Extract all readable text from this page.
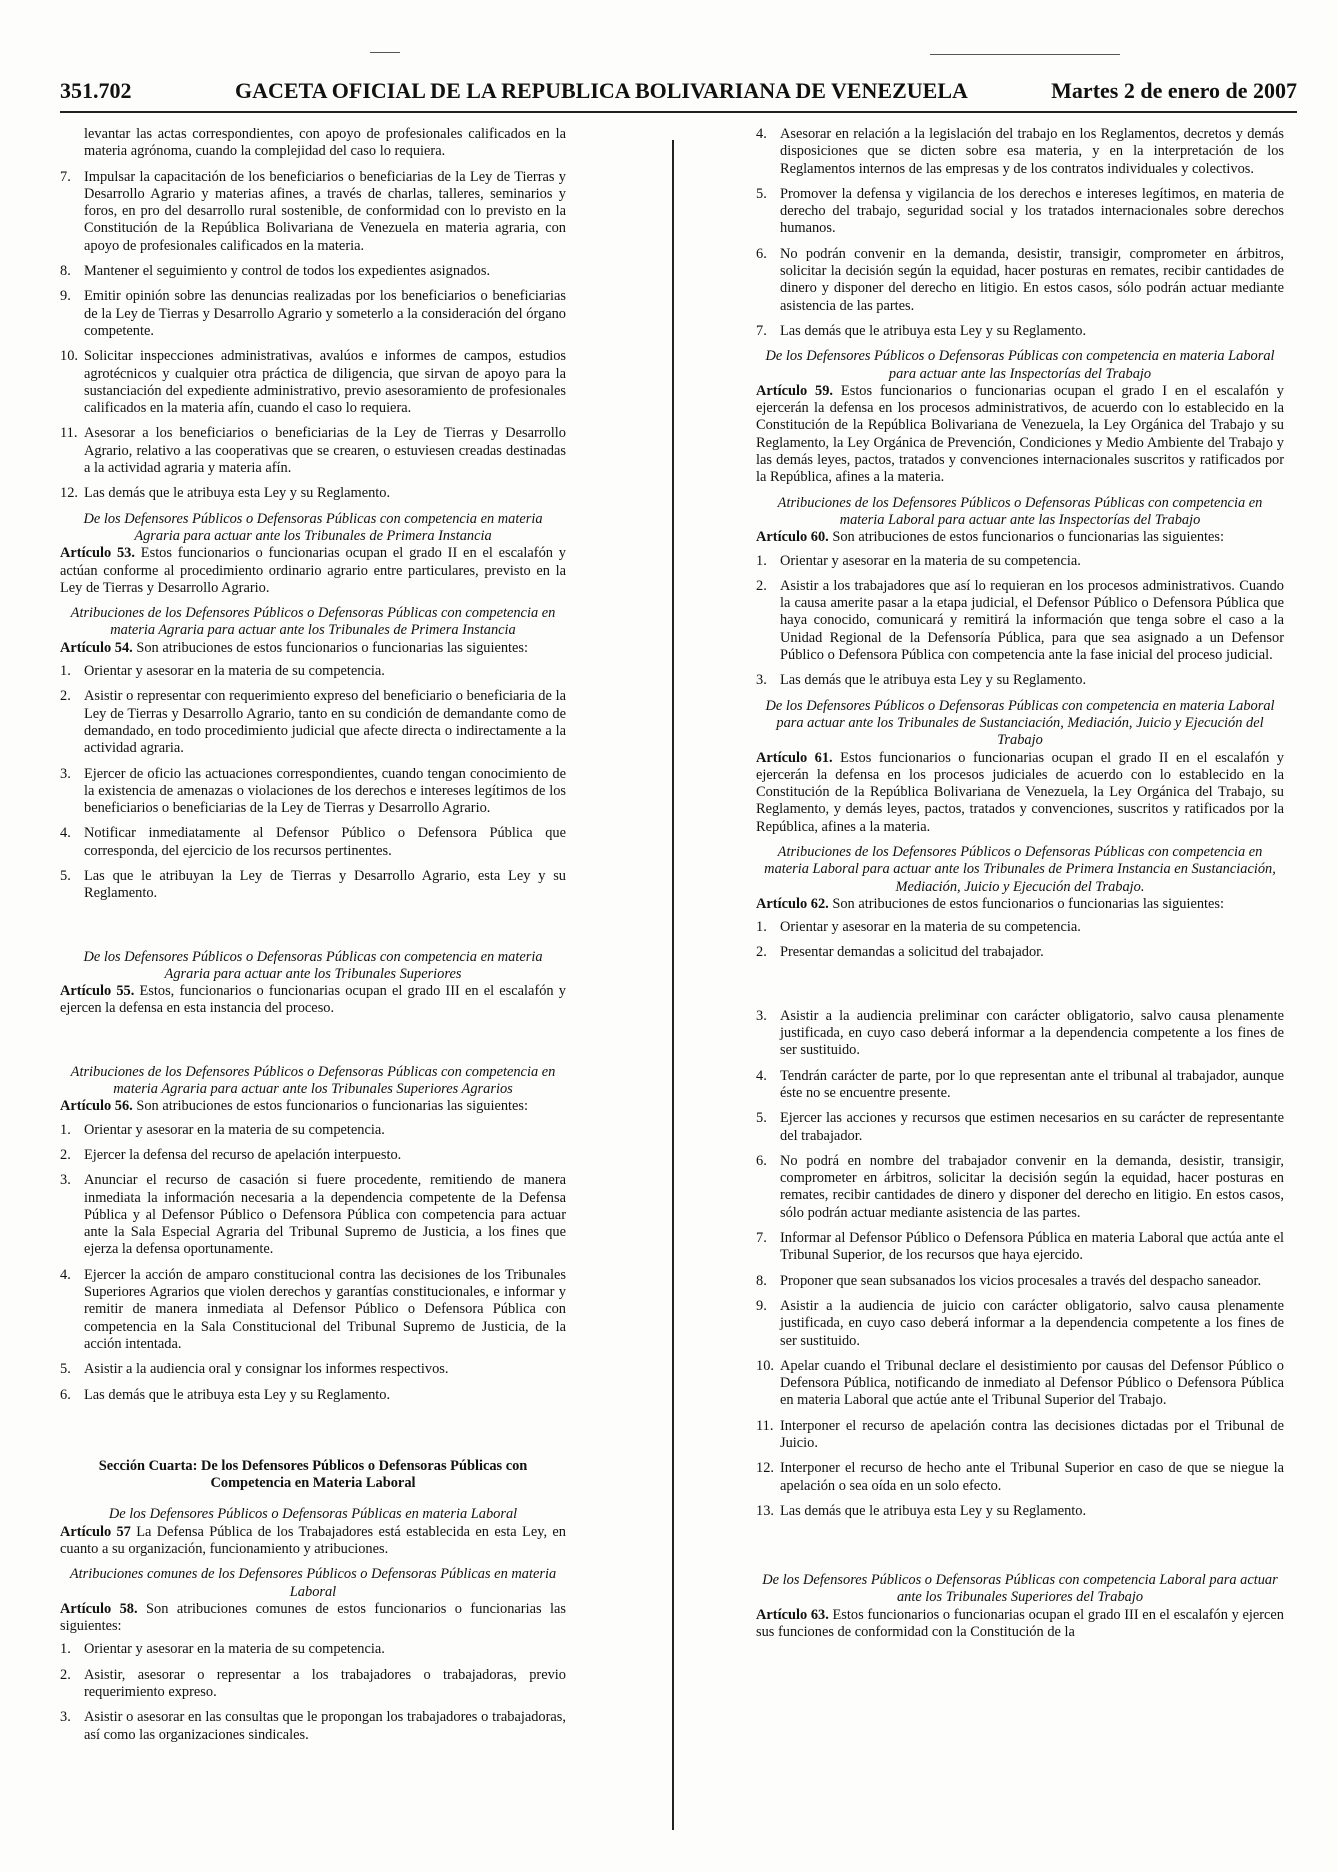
351.702	GACETA OFICIAL DE LA REPUBLICA BOLIVARIANA DE VENEZUELA	Martes 2 de enero de 2007

levantar las actas correspondientes, con apoyo de profesionales calificados en la materia agrónoma, cuando la complejidad del caso lo requiera.

7. Impulsar la capacitación de los beneficiarios o beneficiarias de la Ley de Tierras y Desarrollo Agrario y materias afines, a través de charlas, talleres, seminarios y foros, en pro del desarrollo rural sostenible, de conformidad con lo previsto en la Constitución de la República Bolivariana de Venezuela en materia agraria, con apoyo de profesionales calificados en la materia.
8. Mantener el seguimiento y control de todos los expedientes asignados.
9. Emitir opinión sobre las denuncias realizadas por los beneficiarios o beneficiarias de la Ley de Tierras y Desarrollo Agrario y someterlo a la consideración del órgano competente.
10. Solicitar inspecciones administrativas, avalúos e informes de campos, estudios agrotécnicos y cualquier otra práctica de diligencia, que sirvan de apoyo para la sustanciación del expediente administrativo, previo asesoramiento de profesionales calificados en la materia afín, cuando el caso lo requiera.
11. Asesorar a los beneficiarios o beneficiarias de la Ley de Tierras y Desarrollo Agrario, relativo a las cooperativas que se crearen, o estuviesen creadas destinadas a la actividad agraria y materia afín.
12. Las demás que le atribuya esta Ley y su Reglamento.

De los Defensores Públicos o Defensoras Públicas con competencia en materia Agraria para actuar ante los Tribunales de Primera Instancia

Artículo 53. Estos funcionarios o funcionarias ocupan el grado II en el escalafón y actúan conforme al procedimiento ordinario agrario entre particulares, previsto en la Ley de Tierras y Desarrollo Agrario.

Atribuciones de los Defensores Públicos o Defensoras Públicas con competencia en materia Agraria para actuar ante los Tribunales de Primera Instancia

Artículo 54. Son atribuciones de estos funcionarios o funcionarias las siguientes:

1. Orientar y asesorar en la materia de su competencia.
2. Asistir o representar con requerimiento expreso del beneficiario o beneficiaria de la Ley de Tierras y Desarrollo Agrario, tanto en su condición de demandante como de demandado, en todo procedimiento judicial que afecte directa o indirectamente a la actividad agraria.
3. Ejercer de oficio las actuaciones correspondientes, cuando tengan conocimiento de la existencia de amenazas o violaciones de los derechos e intereses legítimos de los beneficiarios o beneficiarias de la Ley de Tierras y Desarrollo Agrario.
4. Notificar inmediatamente al Defensor Público o Defensora Pública que corresponda, del ejercicio de los recursos pertinentes.
5. Las que le atribuyan la Ley de Tierras y Desarrollo Agrario, esta Ley y su Reglamento.

De los Defensores Públicos o Defensoras Públicas con competencia en materia Agraria para actuar ante los Tribunales Superiores

Artículo 55. Estos, funcionarios o funcionarias ocupan el grado III en el escalafón y ejercen la defensa en esta instancia del proceso.

Atribuciones de los Defensores Públicos o Defensoras Públicas con competencia en materia Agraria para actuar ante los Tribunales Superiores Agrarios

Artículo 56. Son atribuciones de estos funcionarios o funcionarias las siguientes:

1. Orientar y asesorar en la materia de su competencia.
2. Ejercer la defensa del recurso de apelación interpuesto.
3. Anunciar el recurso de casación si fuere procedente, remitiendo de manera inmediata la información necesaria a la dependencia competente de la Defensa Pública y al Defensor Público o Defensora Pública con competencia para actuar ante la Sala Especial Agraria del Tribunal Supremo de Justicia, a los fines que ejerza la defensa oportunamente.
4. Ejercer la acción de amparo constitucional contra las decisiones de los Tribunales Superiores Agrarios que violen derechos y garantías constitucionales, e informar y remitir de manera inmediata al Defensor Público o Defensora Pública con competencia en la Sala Constitucional del Tribunal Supremo de Justicia, de la acción intentada.
5. Asistir a la audiencia oral y consignar los informes respectivos.
6. Las demás que le atribuya esta Ley y su Reglamento.

Sección Cuarta: De los Defensores Públicos o Defensoras Públicas con Competencia en Materia Laboral

De los Defensores Públicos o Defensoras Públicas en materia Laboral

Artículo 57 La Defensa Pública de los Trabajadores está establecida en esta Ley, en cuanto a su organización, funcionamiento y atribuciones.

Atribuciones comunes de los Defensores Públicos o Defensoras Públicas en materia Laboral

Artículo 58. Son atribuciones comunes de estos funcionarios o funcionarias las siguientes:

1. Orientar y asesorar en la materia de su competencia.
2. Asistir, asesorar o representar a los trabajadores o trabajadoras, previo requerimiento expreso.
3. Asistir o asesorar en las consultas que le propongan los trabajadores o trabajadoras, así como las organizaciones sindicales.
4. Asesorar en relación a la legislación del trabajo en los Reglamentos, decretos y demás disposiciones que se dicten sobre esa materia, y en la interpretación de los Reglamentos internos de las empresas y de los contratos individuales y colectivos.
5. Promover la defensa y vigilancia de los derechos e intereses legítimos, en materia de derecho del trabajo, seguridad social y los tratados internacionales sobre derechos humanos.
6. No podrán convenir en la demanda, desistir, transigir, comprometer en árbitros, solicitar la decisión según la equidad, hacer posturas en remates, recibir cantidades de dinero y disponer del derecho en litigio. En estos casos, sólo podrán actuar mediante asistencia de las partes.
7. Las demás que le atribuya esta Ley y su Reglamento.

De los Defensores Públicos o Defensoras Públicas con competencia en materia Laboral para actuar ante las Inspectorías del Trabajo

Artículo 59. Estos funcionarios o funcionarias ocupan el grado I en el escalafón y ejercerán la defensa en los procesos administrativos, de acuerdo con lo establecido en la Constitución de la República Bolivariana de Venezuela, la Ley Orgánica del Trabajo y su Reglamento, la Ley Orgánica de Prevención, Condiciones y Medio Ambiente del Trabajo y las demás leyes, pactos, tratados y convenciones internacionales suscritos y ratificados por la República, afines a la materia.

Atribuciones de los Defensores Públicos o Defensoras Públicas con competencia en materia Laboral para actuar ante las Inspectorías del Trabajo

Artículo 60. Son atribuciones de estos funcionarios o funcionarias las siguientes:

1. Orientar y asesorar en la materia de su competencia.
2. Asistir a los trabajadores que así lo requieran en los procesos administrativos. Cuando la causa amerite pasar a la etapa judicial, el Defensor Público o Defensora Pública que haya conocido, comunicará y remitirá la información que tenga sobre el caso a la Unidad Regional de la Defensoría Pública, para que sea asignado a un Defensor Público o Defensora Pública con competencia ante la fase inicial del proceso judicial.
3. Las demás que le atribuya esta Ley y su Reglamento.

De los Defensores Públicos o Defensoras Públicas con competencia en materia Laboral para actuar ante los Tribunales de Sustanciación, Mediación, Juicio y Ejecución del Trabajo

Artículo 61. Estos funcionarios o funcionarias ocupan el grado II en el escalafón y ejercerán la defensa en los procesos judiciales de acuerdo con lo establecido en la Constitución de la República Bolivariana de Venezuela, la Ley Orgánica del Trabajo, su Reglamento, y demás leyes, pactos, tratados y convenciones, suscritos y ratificados por la República, afines a la materia.

Atribuciones de los Defensores Públicos o Defensoras Públicas con competencia en materia Laboral para actuar ante los Tribunales de Primera Instancia en Sustanciación, Mediación, Juicio y Ejecución del Trabajo.

Artículo 62. Son atribuciones de estos funcionarios o funcionarias las siguientes:

1. Orientar y asesorar en la materia de su competencia.
2. Presentar demandas a solicitud del trabajador.
3. Asistir a la audiencia preliminar con carácter obligatorio, salvo causa plenamente justificada, en cuyo caso deberá informar a la dependencia competente a los fines de ser sustituido.
4. Tendrán carácter de parte, por lo que representan ante el tribunal al trabajador, aunque éste no se encuentre presente.
5. Ejercer las acciones y recursos que estimen necesarios en su carácter de representante del trabajador.
6. No podrá en nombre del trabajador convenir en la demanda, desistir, transigir, comprometer en árbitros, solicitar la decisión según la equidad, hacer posturas en remates, recibir cantidades de dinero y disponer del derecho en litigio. En estos casos, sólo podrán actuar mediante asistencia de las partes.
7. Informar al Defensor Público o Defensora Pública en materia Laboral que actúa ante el Tribunal Superior, de los recursos que haya ejercido.
8. Proponer que sean subsanados los vicios procesales a través del despacho saneador.
9. Asistir a la audiencia de juicio con carácter obligatorio, salvo causa plenamente justificada, en cuyo caso deberá informar a la dependencia competente a los fines de ser sustituido.
10. Apelar cuando el Tribunal declare el desistimiento por causas del Defensor Público o Defensora Pública, notificando de inmediato al Defensor Público o Defensora Pública en materia Laboral que actúe ante el Tribunal Superior del Trabajo.
11. Interponer el recurso de apelación contra las decisiones dictadas por el Tribunal de Juicio.
12. Interponer el recurso de hecho ante el Tribunal Superior en caso de que se niegue la apelación o sea oída en un solo efecto.
13. Las demás que le atribuya esta Ley y su Reglamento.

De los Defensores Públicos o Defensoras Públicas con competencia Laboral para actuar ante los Tribunales Superiores del Trabajo

Artículo 63. Estos funcionarios o funcionarias ocupan el grado III en el escalafón y ejercen sus funciones de conformidad con la Constitución de la
